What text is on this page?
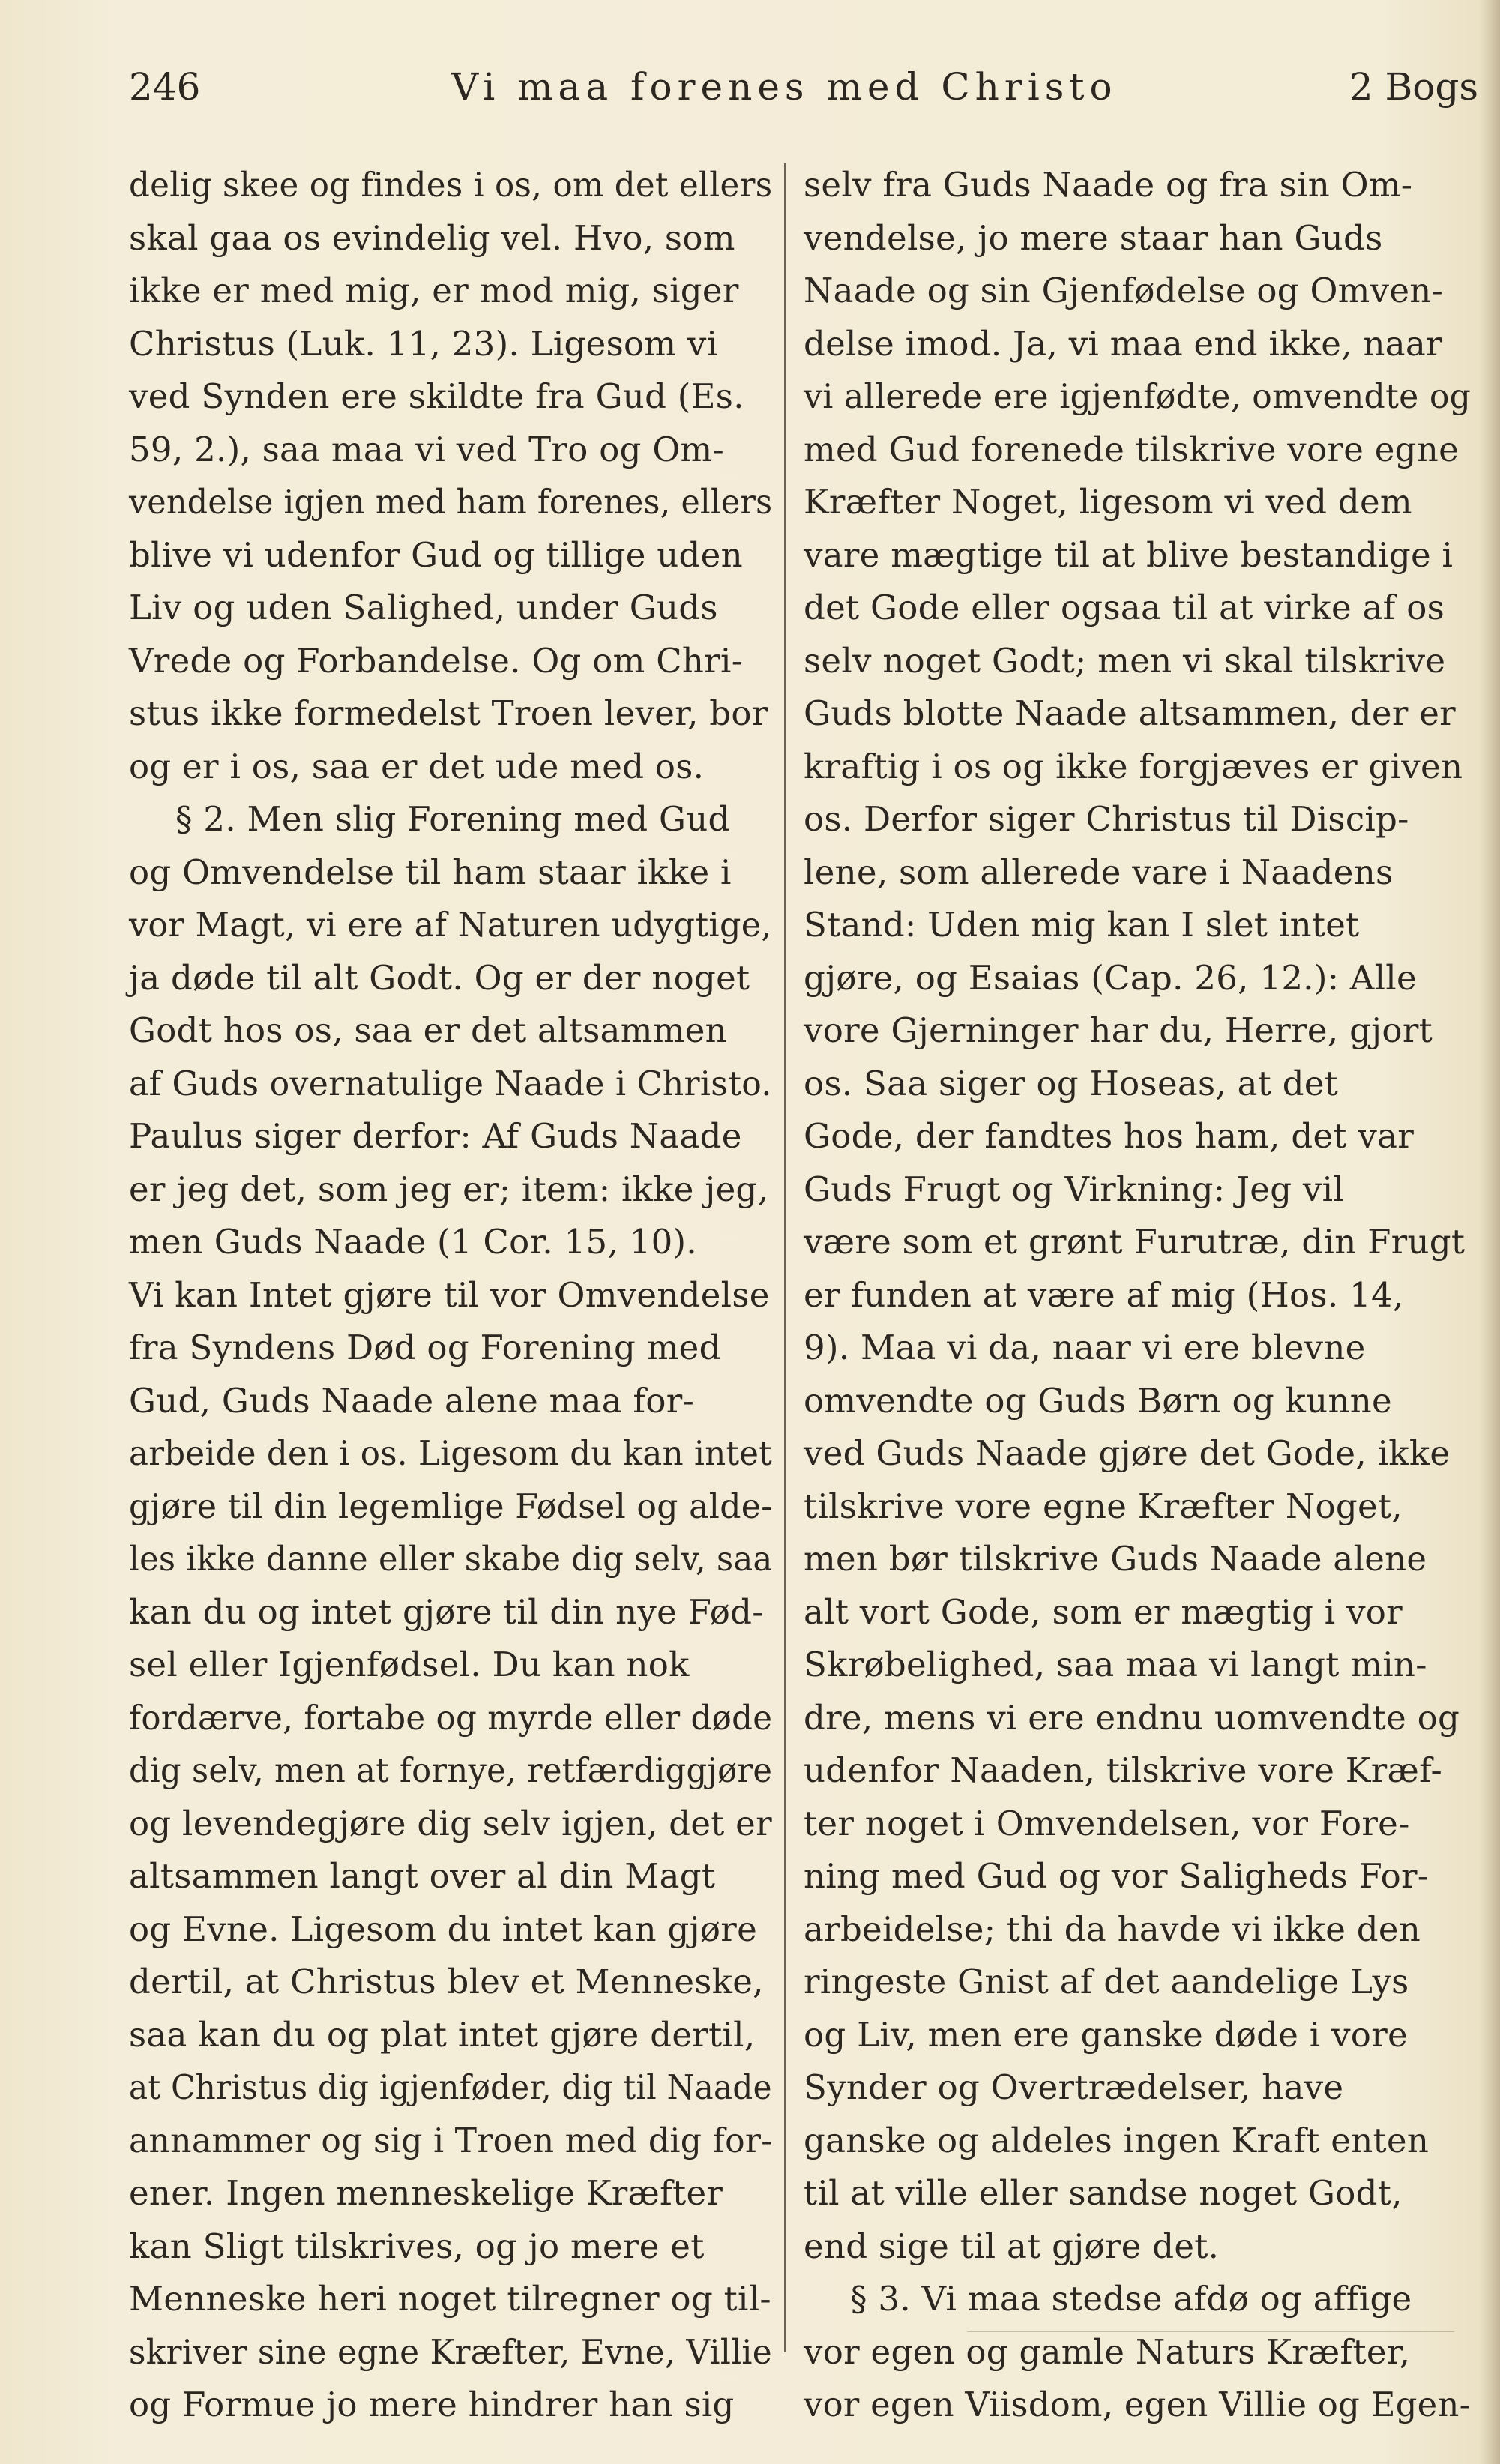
246	Vi maa forenes med Christo	2 Bogs
delig skee og findes i os, om det ellers
skal gaa os evindelig vel. Hvo, som
ikke er med mig, er mod mig, siger
Christus (Luk. 11, 23). Ligesom vi
ved Synden ere skildte fra Gud (Es.
59, 2.), saa maa vi ved Tro og Om-
vendelse igjen med ham forenes, ellers
blive vi udenfor Gud og tillige uden
Liv og uden Salighed, under Guds
Vrede og Forbandelse. Og om Chri-
stus ikke formedelst Troen lever, bor
og er i os, saa er det ude med os.
§ 2. Men slig Forening med Gud
og Omvendelse til ham staar ikke i
vor Magt, vi ere af Naturen udygtige,
ja døde til alt Godt. Og er der noget
Godt hos os, saa er det altsammen
af Guds overnatulige Naade i Christo.
Paulus siger derfor: Af Guds Naade
er jeg det, som jeg er; item: ikke jeg,
men Guds Naade (1 Cor. 15, 10).
Vi kan Intet gjøre til vor Omvendelse
fra Syndens Død og Forening med
Gud, Guds Naade alene maa for-
arbeide den i os. Ligesom du kan intet
gjøre til din legemlige Fødsel og alde-
les ikke danne eller skabe dig selv, saa
kan du og intet gjøre til din nye Fød-
sel eller Igjenfødsel. Du kan nok
fordærve, fortabe og myrde eller døde
dig selv, men at fornye, retfærdiggjøre
og levendegjøre dig selv igjen, det er
altsammen langt over al din Magt
og Evne. Ligesom du intet kan gjøre
dertil, at Christus blev et Menneske,
saa kan du og plat intet gjøre dertil,
at Christus dig igjenføder, dig til Naade
annammer og sig i Troen med dig for-
ener. Ingen menneskelige Kræfter
kan Sligt tilskrives, og jo mere et
Menneske heri noget tilregner og til-
skriver sine egne Kræfter, Evne, Villie
og Formue jo mere hindrer han sig
selv fra Guds Naade og fra sin Om-
vendelse, jo mere staar han Guds
Naade og sin Gjenfødelse og Omven-
delse imod. Ja, vi maa end ikke, naar
vi allerede ere igjenfødte, omvendte og
med Gud forenede tilskrive vore egne
Kræfter Noget, ligesom vi ved dem
vare mægtige til at blive bestandige i
det Gode eller ogsaa til at virke af os
selv noget Godt; men vi skal tilskrive
Guds blotte Naade altsammen, der er
kraftig i os og ikke forgjæves er given
os. Derfor siger Christus til Discip-
lene, som allerede vare i Naadens
Stand: Uden mig kan I slet intet
gjøre, og Esaias (Cap. 26, 12.): Alle
vore Gjerninger har du, Herre, gjort
os. Saa siger og Hoseas, at det
Gode, der fandtes hos ham, det var
Guds Frugt og Virkning: Jeg vil
være som et grønt Furutræ, din Frugt
er funden at være af mig (Hos. 14,
9). Maa vi da, naar vi ere blevne
omvendte og Guds Børn og kunne
ved Guds Naade gjøre det Gode, ikke
tilskrive vore egne Kræfter Noget,
men bør tilskrive Guds Naade alene
alt vort Gode, som er mægtig i vor
Skrøbelighed, saa maa vi langt min-
dre, mens vi ere endnu uomvendte og
udenfor Naaden, tilskrive vore Kræf-
ter noget i Omvendelsen, vor Fore-
ning med Gud og vor Saligheds For-
arbeidelse; thi da havde vi ikke den
ringeste Gnist af det aandelige Lys
og Liv, men ere ganske døde i vore
Synder og Overtrædelser, have
ganske og aldeles ingen Kraft enten
til at ville eller sandse noget Godt,
end sige til at gjøre det.
§ 3. Vi maa stedse afdø og affige
vor egen og gamle Naturs Kræfter,
vor egen Viisdom, egen Villie og Egen-
